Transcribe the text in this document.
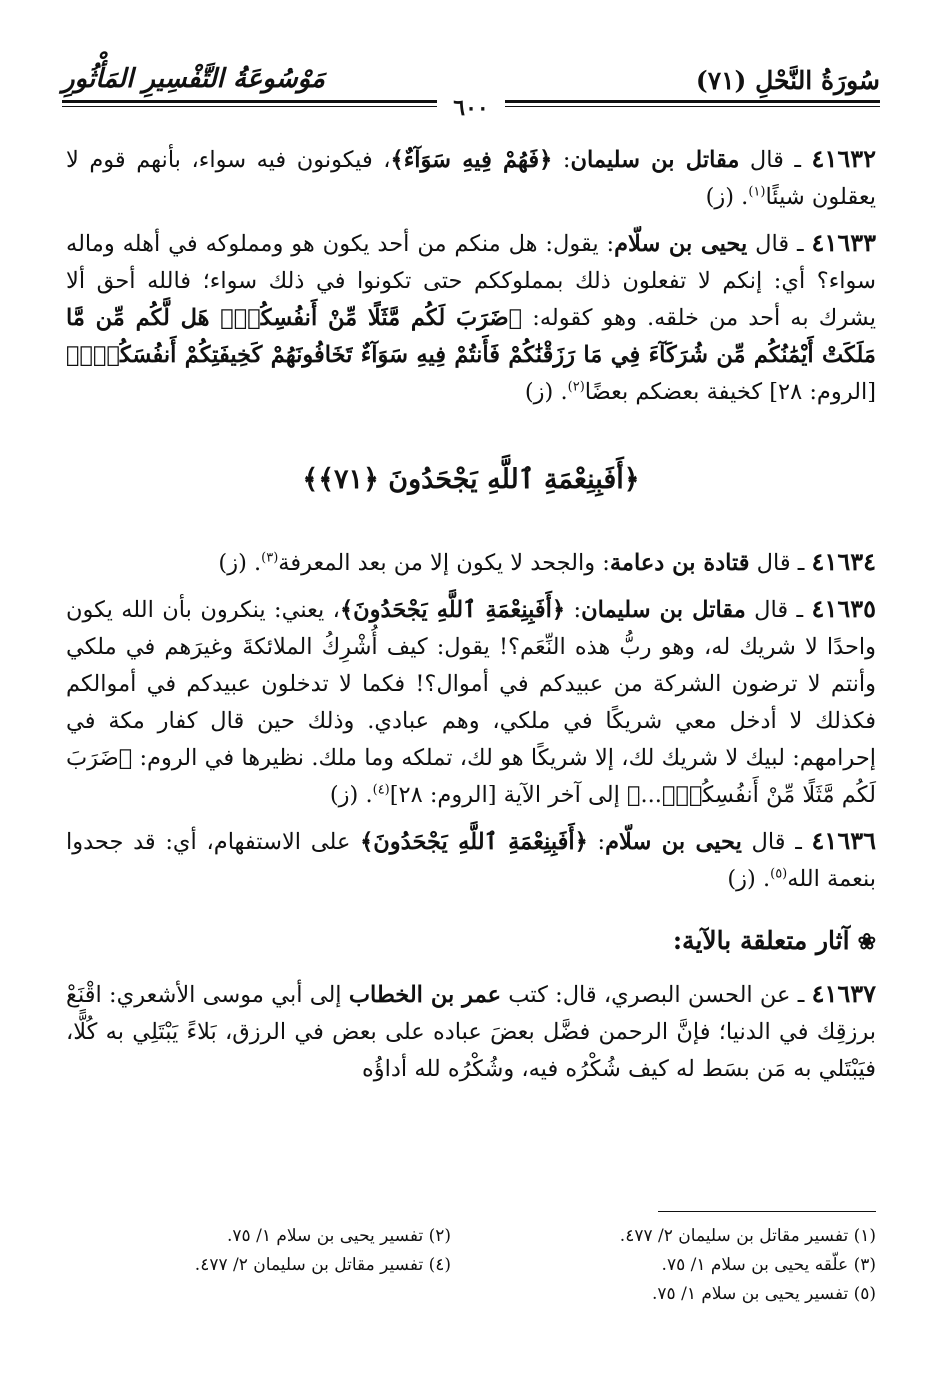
سُورَةُ النَّحْلِ (٧١)
مَوْسُوعَةُ التَّفْسِيرِ المَأْثُورِ
٦٠٠

٤١٦٣٢ ـ قال مقاتل بن سليمان: ﴿فَهُمْ فِيهِ سَوَآءٌ﴾، فيكونون فيه سواء، بأنهم قوم لا يعقلون شيئًا$^{(١)}$. (ز)

٤١٦٣٣ ـ قال يحيى بن سلّام: يقول: هل منكم من أحد يكون هو ومملوكه في أهله وماله سواء؟ أي: إنكم لا تفعلون ذلك بمملوككم حتى تكونوا في ذلك سواء؛ فالله أحق ألا يشرك به أحد من خلقه. وهو كقوله: ﴿ضَرَبَ لَكُم مَّثَلًا مِّنْ أَنفُسِكُمْۖ هَل لَّكُم مِّن مَّا مَلَكَتْ أَيْمَٰنُكُم مِّن شُرَكَآءَ فِي مَا رَزَقْنَٰكُمْ فَأَنتُمْ فِيهِ سَوَآءٌ تَخَافُونَهُمْ كَخِيفَتِكُمْ أَنفُسَكُمْۚ﴾ [الروم: ٢٨] كخيفة بعضكم بعضًا$^{(٢)}$. (ز)

﴿أَفَبِنِعْمَةِ ٱللَّهِ يَجْحَدُونَ ﴿٧١﴾﴾

٤١٦٣٤ ـ قال قتادة بن دعامة: والجحد لا يكون إلا من بعد المعرفة$^{(٣)}$. (ز)

٤١٦٣٥ ـ قال مقاتل بن سليمان: ﴿أَفَبِنِعْمَةِ ٱللَّهِ يَجْحَدُونَ﴾، يعني: ينكرون بأن الله يكون واحدًا لا شريك له، وهو ربُّ هذه النِّعَم؟! يقول: كيف أُشْرِكُ الملائكةَ وغيرَهم في ملكي وأنتم لا ترضون الشركة من عبيدكم في أموال؟! فكما لا تدخلون عبيدكم في أموالكم فكذلك لا أدخل معي شريكًا في ملكي، وهم عبادي. وذلك حين قال كفار مكة في إحرامهم: لبيك لا شريك لك، إلا شريكًا هو لك، تملكه وما ملك. نظيرها في الروم: ﴿ضَرَبَ لَكُم مَّثَلًا مِّنْ أَنفُسِكُمْۖ...﴾ إلى آخر الآية [الروم: ٢٨]$^{(٤)}$. (ز)

٤١٦٣٦ ـ قال يحيى بن سلّام: ﴿أَفَبِنِعْمَةِ ٱللَّهِ يَجْحَدُونَ﴾ على الاستفهام، أي: قد جحدوا بنعمة الله$^{(٥)}$. (ز)

❀آثار متعلقة بالآية:

٤١٦٣٧ ـ عن الحسن البصري، قال: كتب عمر بن الخطاب إلى أبي موسى الأشعري: اقْنَعْ برزقِك في الدنيا؛ فإنَّ الرحمن فضَّل بعضَ عباده على بعض في الرزق، بَلاءً يَبْتَلِي به كُلًّا، فيَبْتَلي به مَن بسَط له كيف شُكْرُه فيه، وشُكْرُه لله أداؤُه

(١) تفسير مقاتل بن سليمان ٢/ ٤٧٧.
(٢) تفسير يحيى بن سلام ١/ ٧٥.
(٣) علّقه يحيى بن سلام ١/ ٧٥.
(٤) تفسير مقاتل بن سليمان ٢/ ٤٧٧.
(٥) تفسير يحيى بن سلام ١/ ٧٥.
